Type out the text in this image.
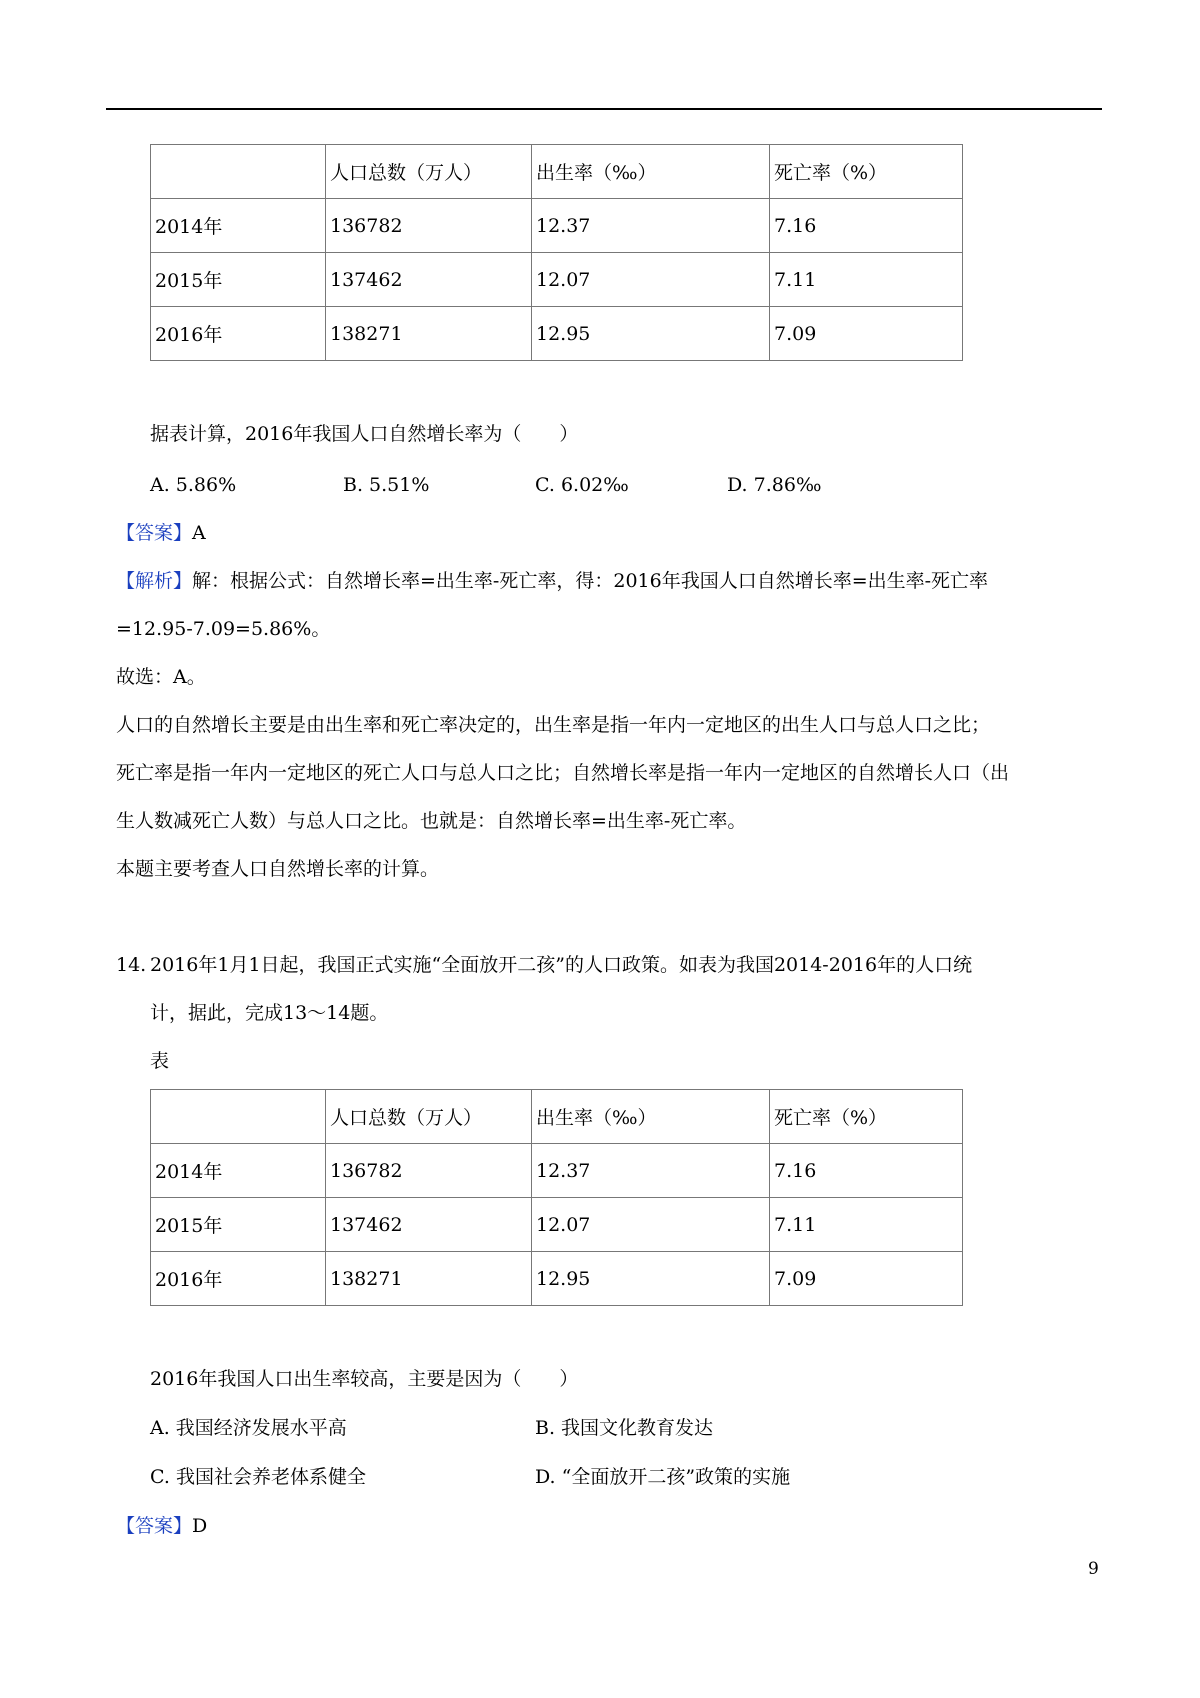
	人口总数（万人）	出生率（‰）	死亡率（%）
2014年	136782	12.37	7.16
2015年	137462	12.07	7.11
2016年	138271	12.95	7.09
据表计算，2016年我国人口自然增长率为（　　）
A. 5.86%	B. 5.51%	C. 6.02‰	D. 7.86‰
【答案】A
【解析】解：根据公式：自然增长率=出生率-死亡率，得：2016年我国人口自然增长率=出生率-死亡率
=12.95-7.09=5.86%。
故选：A。
人口的自然增长主要是由出生率和死亡率决定的，出生率是指一年内一定地区的出生人口与总人口之比；
死亡率是指一年内一定地区的死亡人口与总人口之比；自然增长率是指一年内一定地区的自然增长人口（出
生人数减死亡人数）与总人口之比。也就是：自然增长率=出生率-死亡率。
本题主要考查人口自然增长率的计算。
14. 2016年1月1日起，我国正式实施“全面放开二孩”的人口政策。如表为我国2014-2016年的人口统
计，据此，完成13～14题。
表
	人口总数（万人）	出生率（‰）	死亡率（%）
2014年	136782	12.37	7.16
2015年	137462	12.07	7.11
2016年	138271	12.95	7.09
2016年我国人口出生率较高，主要是因为（　　）
A. 我国经济发展水平高	B. 我国文化教育发达
C. 我国社会养老体系健全	D. “全面放开二孩”政策的实施
【答案】D
9
